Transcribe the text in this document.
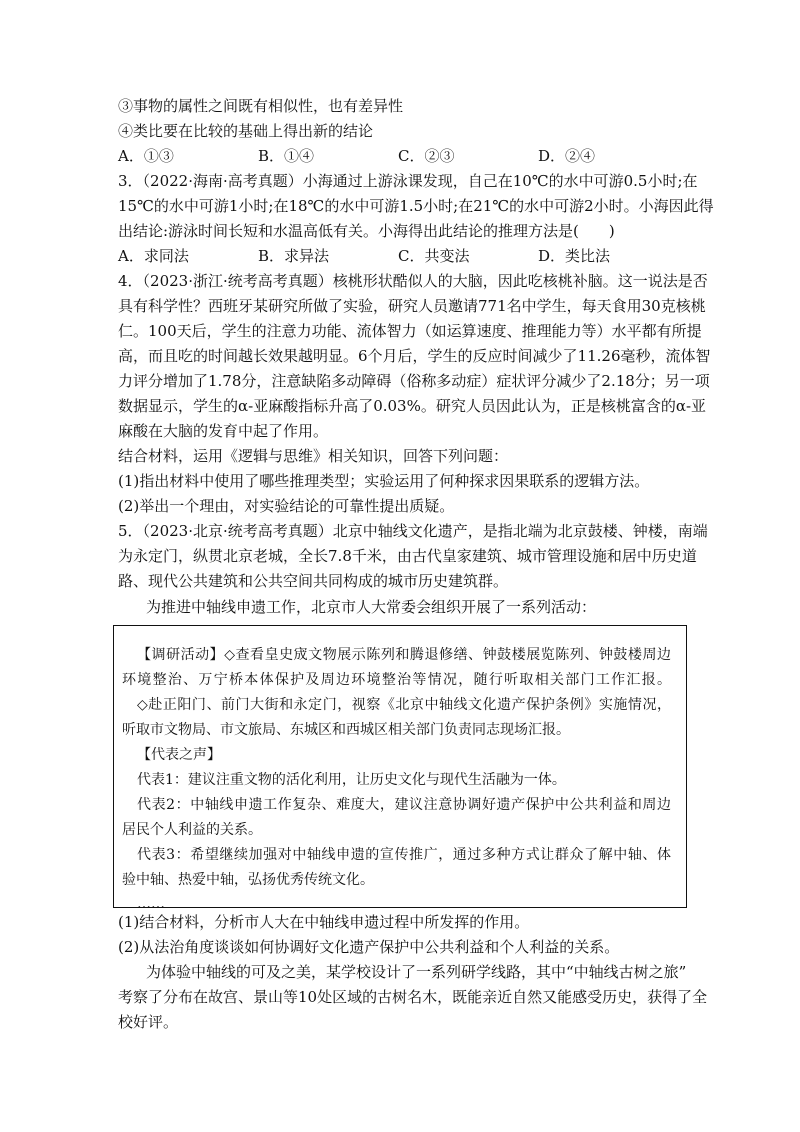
③事物的属性之间既有相似性，也有差异性

④类比要在比较的基础上得出新的结论

A．①③	B．①④	C．②③	D．②④

3．（2022·海南·高考真题）小海通过上游泳课发现，自己在10℃的水中可游0.5小时;在

15℃的水中可游1小时;在18℃的水中可游1.5小时;在21℃的水中可游2小时。小海因此得

出结论:游泳时间长短和水温高低有关。小海得出此结论的推理方法是(　　)

A．求同法	B．求异法	C．共变法	D．类比法

4．（2023·浙江·统考高考真题）核桃形状酷似人的大脑，因此吃核桃补脑。这一说法是否

具有科学性？西班牙某研究所做了实验，研究人员邀请771名中学生，每天食用30克核桃

仁。100天后，学生的注意力功能、流体智力（如运算速度、推理能力等）水平都有所提

高，而且吃的时间越长效果越明显。6个月后，学生的反应时间减少了11.26毫秒，流体智

力评分增加了1.78分，注意缺陷多动障碍（俗称多动症）症状评分减少了2.18分；另一项

数据显示，学生的α-亚麻酸指标升高了0.03%。研究人员因此认为，正是核桃富含的α-亚

麻酸在大脑的发育中起了作用。

结合材料，运用《逻辑与思维》相关知识，回答下列问题：

(1)指出材料中使用了哪些推理类型；实验运用了何种探求因果联系的逻辑方法。

(2)举出一个理由，对实验结论的可靠性提出质疑。

5．（2023·北京·统考高考真题）北京中轴线文化遗产，是指北端为北京鼓楼、钟楼，南端

为永定门，纵贯北京老城，全长7.8千米，由古代皇家建筑、城市管理设施和居中历史道

路、现代公共建筑和公共空间共同构成的城市历史建筑群。

为推进中轴线申遗工作，北京市人大常委会组织开展了一系列活动：

【调研活动】◇查看皇史宬文物展示陈列和腾退修缮、钟鼓楼展览陈列、钟鼓楼周边

环境整治、万宁桥本体保护及周边环境整治等情况，随行听取相关部门工作汇报。

◇赴正阳门、前门大街和永定门，视察《北京中轴线文化遗产保护条例》实施情况，

听取市文物局、市文旅局、东城区和西城区相关部门负责同志现场汇报。

【代表之声】

代表1：建议注重文物的活化利用，让历史文化与现代生活融为一体。

代表2：中轴线申遗工作复杂、难度大，建议注意协调好遗产保护中公共利益和周边

居民个人利益的关系。

代表3：希望继续加强对中轴线申遗的宣传推广，通过多种方式让群众了解中轴、体

验中轴、热爱中轴，弘扬优秀传统文化。

……

(1)结合材料，分析市人大在中轴线申遗过程中所发挥的作用。

(2)从法治角度谈谈如何协调好文化遗产保护中公共利益和个人利益的关系。

为体验中轴线的可及之美，某学校设计了一系列研学线路，其中“中轴线古树之旅”

考察了分布在故宫、景山等10处区域的古树名木，既能亲近自然又能感受历史，获得了全

校好评。
